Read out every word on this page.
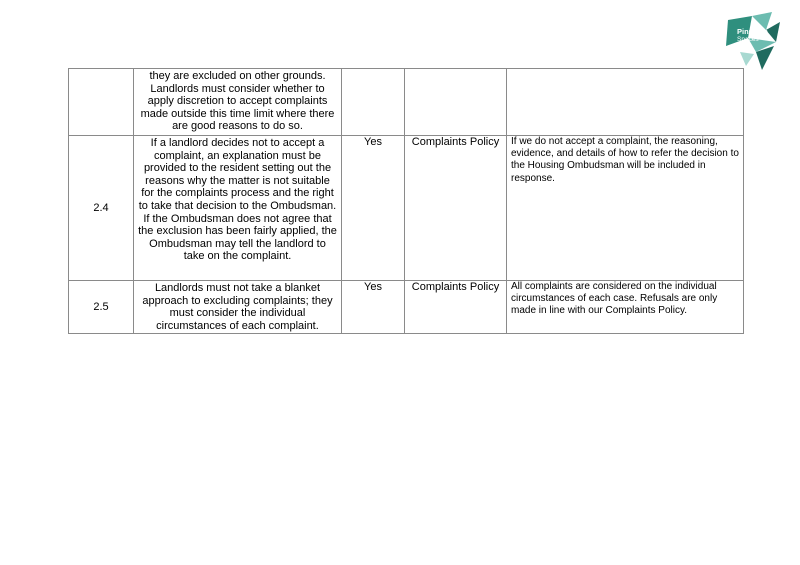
Pinnacle
Spaces
	they are excluded on other grounds. Landlords must consider whether to apply discretion to accept complaints made outside this time limit where there are good reasons to do so.			
2.4	If a landlord decides not to accept a complaint, an explanation must be provided to the resident setting out the reasons why the matter is not suitable for the complaints process and the right to take that decision to the Ombudsman. If the Ombudsman does not agree that the exclusion has been fairly applied, the Ombudsman may tell the landlord to take on the complaint.	Yes	Complaints Policy	If we do not accept a complaint, the reasoning, evidence, and details of how to refer the decision to the Housing Ombudsman will be included in response.
2.5	Landlords must not take a blanket approach to excluding complaints; they must consider the individual circumstances of each complaint.	Yes	Complaints Policy	All complaints are considered on the individual circumstances of each case. Refusals are only made in line with our Complaints Policy.
